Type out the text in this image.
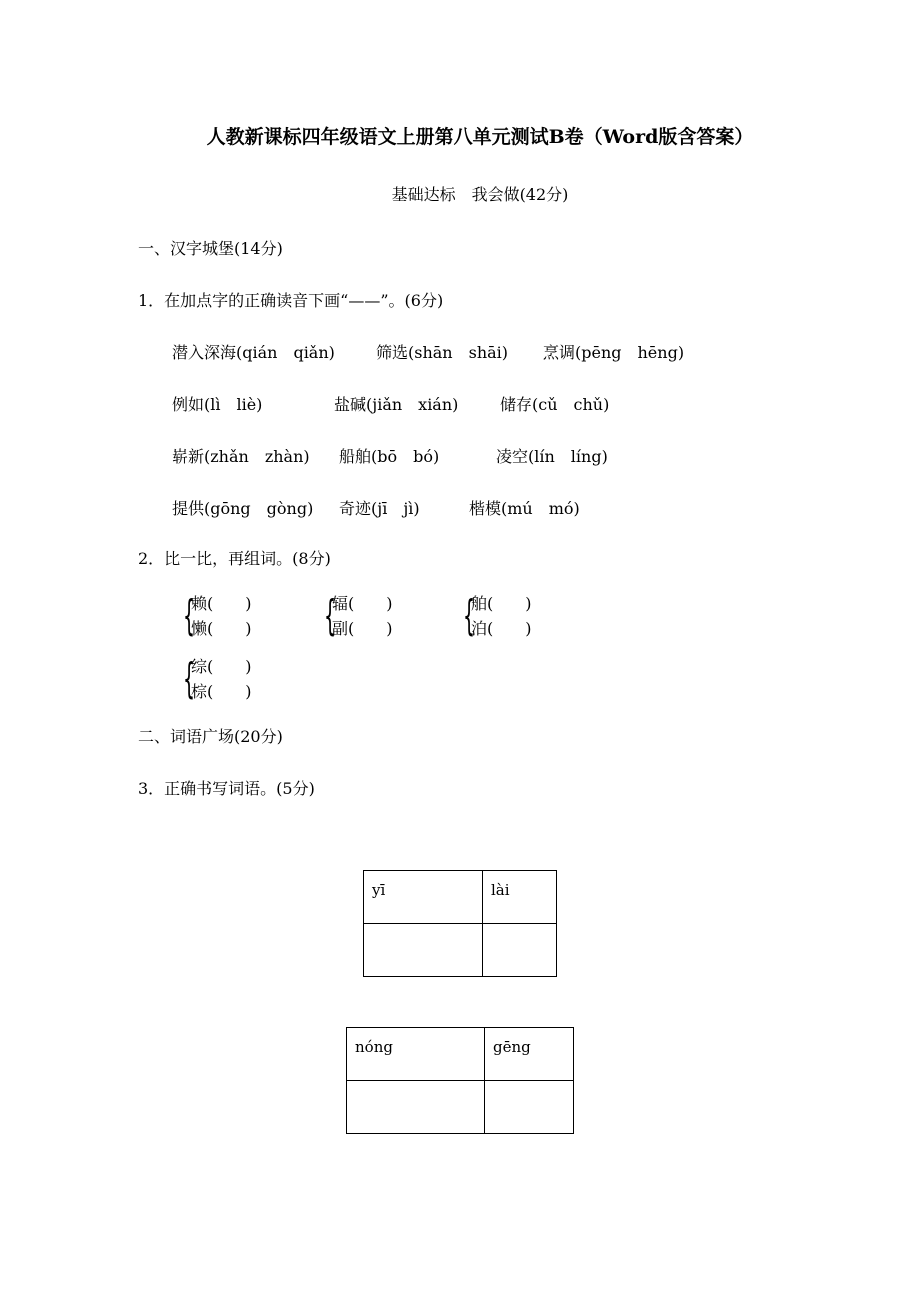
人教新课标四年级语文上册第八单元测试B卷（Word版含答案）
基础达标　我会做(42分)
一、汉字城堡(14分)
1．在加点字的正确读音下画“——”。(6分)
潜入深海(qián　qiǎn)	筛选(shān　shāi) 烹调(pēng　hēng)
例如(lì　liè)	盐碱(jiǎn　xián)	储存(cǔ　chǔ)
崭新(zhǎn　zhàn) 船舶(bō　bó)	凌空(lín　líng)
提供(gōng　gòng) 奇迹(jī　jì)	楷模(mú　mó)
2．比一比，再组词。(8分)
{
赖(　　)
懒(　　) {
辐(　　)
副(　　) {
舶(　　)
泊(　　)
{
综(　　)
棕(　　)
二、词语广场(20分)
3．正确书写词语。(5分)
yī	lài

nóng	gēng
